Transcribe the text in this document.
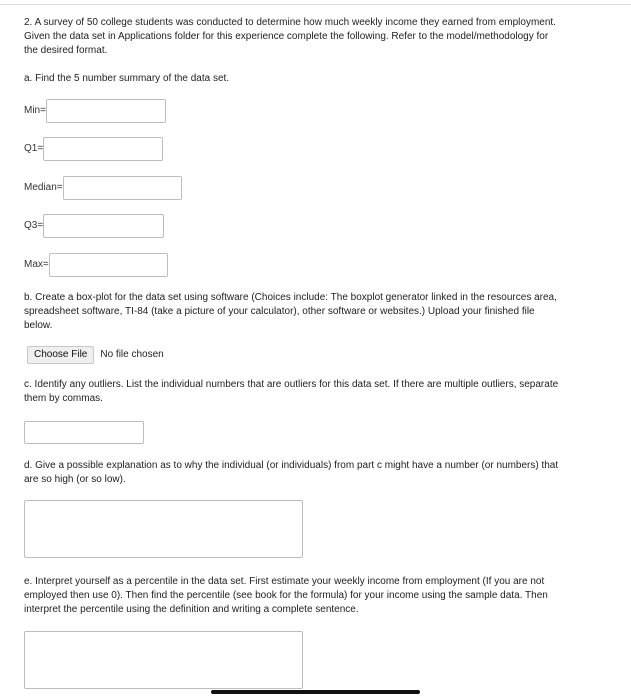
2. A survey of 50 college students was conducted to determine how much weekly income they earned from employment. Given the data set in Applications folder for this experience complete the following. Refer to the model/methodology for the desired format.
a. Find the 5 number summary of the data set.
Min=
Q1=
Median=
Q3=
Max=
b. Create a box-plot for the data set using software (Choices include: The boxplot generator linked in the resources area, spreadsheet software, TI-84 (take a picture of your calculator), other software or websites.) Upload your finished file below.
Choose File	No file chosen
c. Identify any outliers. List the individual numbers that are outliers for this data set. If there are multiple outliers, separate them by commas.
d. Give a possible explanation as to why the individual (or individuals) from part c might have a number (or numbers) that are so high (or so low).
e. Interpret yourself as a percentile in the data set. First estimate your weekly income from employment (If you are not employed then use 0). Then find the percentile (see book for the formula) for your income using the sample data. Then interpret the percentile using the definition and writing a complete sentence.
